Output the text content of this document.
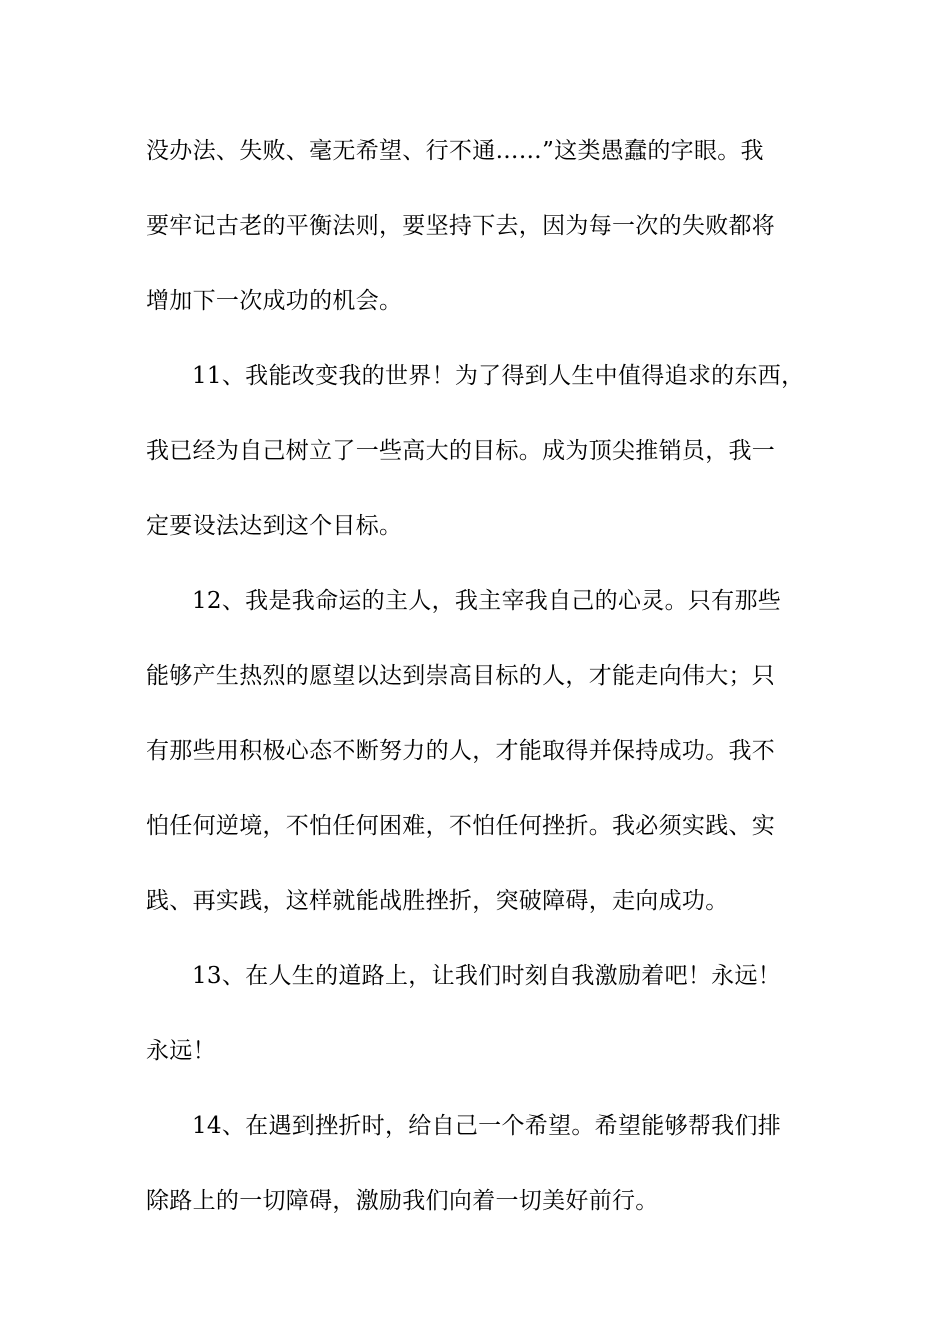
没办法、失败、毫无希望、行不通……”这类愚蠢的字眼。我
要牢记古老的平衡法则，要坚持下去，因为每一次的失败都将
增加下一次成功的机会。
11、我能改变我的世界！为了得到人生中值得追求的东西，
我已经为自己树立了一些高大的目标。成为顶尖推销员，我一
定要设法达到这个目标。
12、我是我命运的主人，我主宰我自己的心灵。只有那些
能够产生热烈的愿望以达到崇高目标的人，才能走向伟大；只
有那些用积极心态不断努力的人，才能取得并保持成功。我不
怕任何逆境，不怕任何困难，不怕任何挫折。我必须实践、实
践、再实践，这样就能战胜挫折，突破障碍，走向成功。
13、在人生的道路上，让我们时刻自我激励着吧！永远！
永远！
14、在遇到挫折时，给自己一个希望。希望能够帮我们排
除路上的一切障碍，激励我们向着一切美好前行。
